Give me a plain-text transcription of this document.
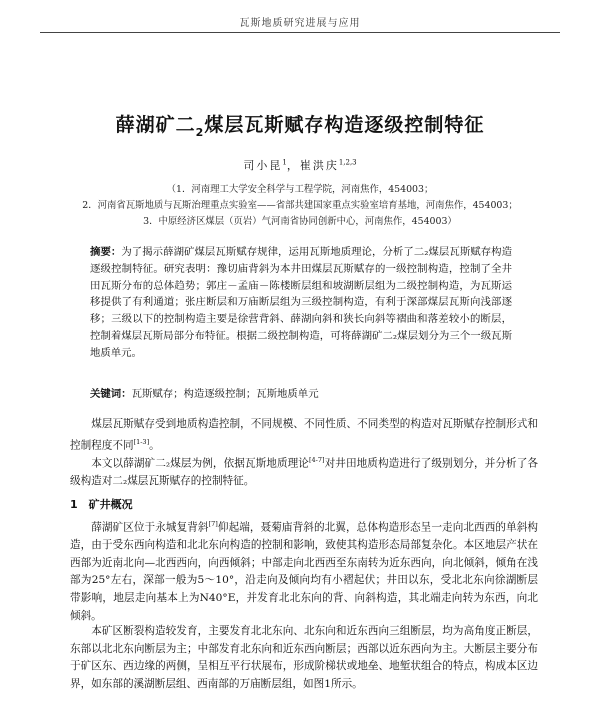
瓦斯地质研究进展与应用
薛湖矿二$_2$煤层瓦斯赋存构造逐级控制特征
司小昆$^1$，崔洪庆$^{1,2,3}$
（1．河南理工大学安全科学与工程学院，河南焦作，454003；
2．河南省瓦斯地质与瓦斯治理重点实验室——省部共建国家重点实验室培育基地，河南焦作，454003；
3．中原经济区煤层（页岩）气河南省协同创新中心，河南焦作，454003）
摘要：为了揭示薛湖矿煤层瓦斯赋存规律，运用瓦斯地质理论，分析了二₂煤层瓦斯赋存构造逐级控制特征。研究表明：豫切庙背斜为本井田煤层瓦斯赋存的一级控制构造，控制了全井田瓦斯分布的总体趋势；郭庄－孟庙－陈楼断层组和坡湖断层组为二级控制构造，为瓦斯运移提供了有利通道；张庄断层和万庙断层组为三级控制构造，有利于深部煤层瓦斯向浅部逐移；三级以下的控制构造主要是徐营背斜、薛湖向斜和狭长向斜等褶曲和落差较小的断层，控制着煤层瓦斯局部分布特征。根据二级控制构造，可将薛湖矿二₂煤层划分为三个一级瓦斯地质单元。
关键词：瓦斯赋存；构造逐级控制；瓦斯地质单元

煤层瓦斯赋存受到地质构造控制，不同规模、不同性质、不同类型的构造对瓦斯赋存控制形式和控制程度不同[1-3]。

本文以薛湖矿二₂煤层为例，依据瓦斯地质理论[4-7]对井田地质构造进行了级别划分，并分析了各级构造对二₂煤层瓦斯赋存的控制特征。

1　矿井概况

薛湖矿区位于永城复背斜[7]仰起端，聂菊庙背斜的北翼，总体构造形态呈一走向北西西的单斜构造，由于受东西向构造和北北东向构造的控制和影响，致使其构造形态局部复杂化。本区地层产状在西部为近南北向—北西西向，向西倾斜；中部走向北西西至东南转为近东西向，向北倾斜，倾角在浅部为25°左右，深部一般为5～10°，沿走向及倾向均有小褶起伏；井田以东，受北北东向徐湖断层带影响，地层走向基本上为N40°E，并发育北北东向的背、向斜构造，其北端走向转为东西，向北倾斜。

本矿区断裂构造较发育，主要发育北北东向、北东向和近东西向三组断层，均为高角度正断层，东部以北北东向断层为主；中部发育北东向和近东西向断层；西部以近东西向为主。大断层主要分布于矿区东、西边缘的两侧，呈相互平行状展布，形成阶梯状或地垒、地堑状组合的特点，构成本区边界，如东部的溪湖断层组、西南部的万庙断层组，如图1所示。
